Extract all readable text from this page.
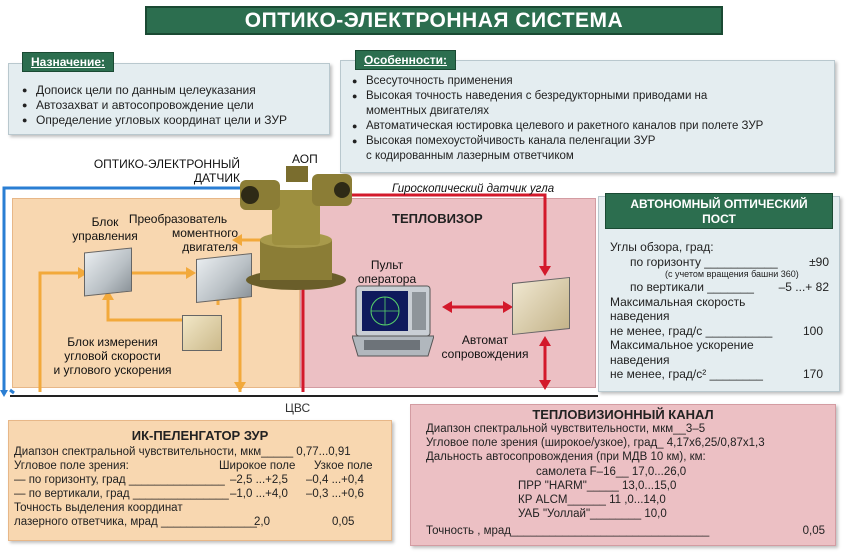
ОПТИКО-ЭЛЕКТРОННАЯ СИСТЕМА
Назначение:
● Допоиск цели по данным целеуказания
● Автозахват и автосопровождение цели
● Определение угловых координат цели и ЗУР
Особенности:
● Всесуточность применения
● Высокая точность наведения с безредукторными приводами на
моментных двигателях
● Автоматическая юстировка целевого и ракетного каналов при полете ЗУР
● Высокая помехоустойчивость канала пеленгации ЗУР
с кодированным лазерным ответчиком
ОПТИКО-ЭЛЕКТРОННЫЙ
ДАТЧИК
АОП
Гироскопический датчик угла
ТЕПЛОВИЗОР
Блок
управления
Преобразователь
моментного
двигателя
Блок измерения
угловой скорости
и углового ускорения
Пульт
оператора
Автомат
сопровождения
ЦВС
АВТОНОМНЫЙ ОПТИЧЕСКИЙ
ПОСТ
Углы обзора, град:
по горизонту ___________	±90
(с учетом вращения башни 360)
по вертикали _______ –5 ...+ 82
Максимальная скорость
наведения
не менее, град/с __________	100
Максимальное ускорение
наведения
не менее, град/с² ________	170
ИК-ПЕЛЕНГАТОР ЗУР
Диапзон спектральной чувствительности, мкм_____ 0,77...0,91
Угловое поле зрения:	Широкое поле Узкое поле
— по горизонту, град _______________ –2,5 ...+2,5 –0,4 ...+0,4
— по вертикали, град _______________ –1,0 ...+4,0 –0,3 ...+0,6
Точность выделения координат
лазерного ответчика, мрад _______________
2,0	0,05
ТЕПЛОВИЗИОННЫЙ КАНАЛ
Диапзон спектральной чувствительности, мкм__3–5
Угловое поле зрения (широкое/узкое), град_ 4,17х6,25/0,87х1,3
Дальность автосопровождения (при МДВ 10 км), км:
самолета F–16__ 17,0...26,0
ПРР "HARM"_____ 13,0...15,0
КР ALCM______ 11 ,0...14,0
УАБ "Уоллай"________ 10,0
Точность , мрад_______________________________	0,05
